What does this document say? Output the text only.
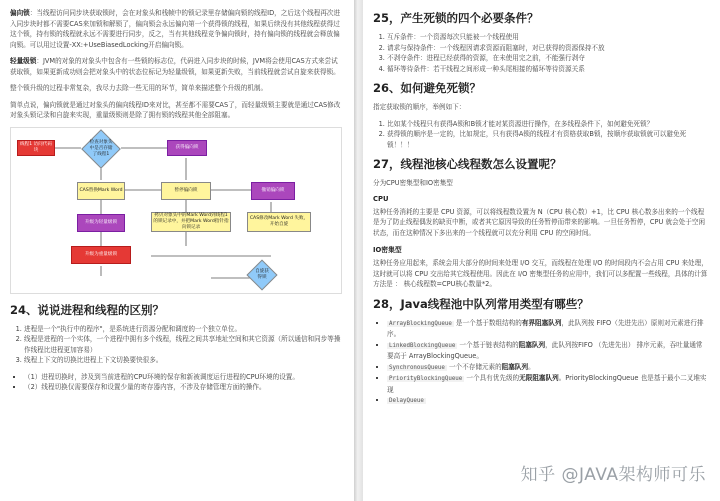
偏向锁：当线程访问同步块获取锁时，会在对象头和栈帧中的锁记录里存储偏向锁的线程ID，之后这个线程再次进入同步块时都不需要CAS来加锁和解锁了，偏向锁会永远偏向第一个获得锁的线程，如果后续没有其他线程获得过这个锁，持有锁的线程就永远不需要进行同步，反之，当有其他线程竞争偏向锁时，持有偏向锁的线程就会释放偏向锁。可以用过设置-XX:+UseBiasedLocking开启偏向锁。

轻量级锁：JVM的对象的对象头中包含有一些锁的标志位，代码进入同步块的时候，JVM将会使用CAS方式来尝试获取锁，如果更新成功则会把对象头中的状态位标记为轻量级锁，如果更新失败，当前线程就尝试自旋来获得锁。

整个锁升级的过程非常复杂，我尽力去除一些无用的环节，简单来描述整个升级的机制。

简单点说，偏向锁就是通过对象头的偏向线程ID来对比，甚至都不需要CAS了，而轻量级锁主要就是通过CAS修改对象头锁记录和自旋来实现，重量级锁则是除了拥有锁的线程其他全部阻塞。

线程1 访问代码块
检查对象头中是否存储了线程1
获得偏向锁
CAS替换Mark Word	暂停偏向锁	撤销偏向锁
升级为轻量级锁
拷贝对象头中的Mark Word到线程1的锁记录中，并把Mark Word指针指向锁记录
CAS修改Mark Word 失败，开始自旋
升级为重量级锁
自旋获得锁
24、说说进程和线程的区别？
1. 进程是一个"执行中的程序"，是系统进行资源分配和调度的一个独立单位。
2. 线程是进程的一个实体，一个进程中拥有多个线程，线程之间共享地址空间和其它资源（所以通信和同步等操作线程比进程更加容易）
3. 线程上下文的切换比进程上下文切换要快很多。
▪ （1）进程切换时，涉及到当前进程的CPU环境的保存和新被调度运行进程的CPU环境的设置。
▪ （2）线程切换仅需要保存和设置少量的寄存器内容，不涉及存储管理方面的操作。
25，产生死锁的四个必要条件？
1. 互斥条件：一个资源每次只能被一个线程使用
2. 请求与保持条件：一个线程因请求资源而阻塞时，对已获得的资源保持不放
3. 不剥夺条件：进程已经获得的资源，在未使用完之前，不能强行剥夺
4. 循环等待条件：若干线程之间形成一种头尾相接的循环等待资源关系
26、如何避免死锁？

指定获取锁的顺序，举例如下：

1. 比如某个线程只有获得A锁和B锁才能对某资源进行操作，在多线程条件下，如何避免死锁？
2. 获得锁的顺序是一定的，比如规定，只有获得A锁的线程才有资格获取B锁，按顺序获取锁就可以避免死锁！！！
27，线程池核心线程数怎么设置呢？

分为CPU密集型和IO密集型

CPU

这种任务消耗的主要是 CPU 资源，可以将线程数设置为 N（CPU 核心数）+1，比 CPU 核心数多出来的一个线程是为了防止线程偶发的缺页中断，或者其它原因导致的任务暂停而带来的影响。一旦任务暂停，CPU 就会处于空闲状态，而在这种情况下多出来的一个线程就可以充分利用 CPU 的空闲时间。

IO密集型

这种任务应用起来，系统会用大部分的时间来处理 I/O 交互，而线程在处理 I/O 的时间段内不会占用 CPU 来处理，这时就可以将 CPU 交出给其它线程使用。因此在 I/O 密集型任务的应用中，我们可以多配置一些线程，具体的计算方法是 ： 核心线程数=CPU核心数量*2。

28，Java线程池中队列常用类型有哪些？
▪ ArrayBlockingQueue 是一个基于数组结构的有界阻塞队列，此队列按 FIFO（先进先出）原则对元素进行排序。
▪ LinkedBlockingQueue 一个基于链表结构的阻塞队列，此队列按FIFO （先进先出） 排序元素，吞吐量通常要高于 ArrayBlockingQueue。
▪ SynchronousQueue 一个不存储元素的阻塞队列。
▪ PriorityBlockingQueue 一个具有优先级的无限阻塞队列。PriorityBlockingQueue 也是基于最小二叉堆实现
▪ DelayQueue
知乎 @JAVA架构师可乐
